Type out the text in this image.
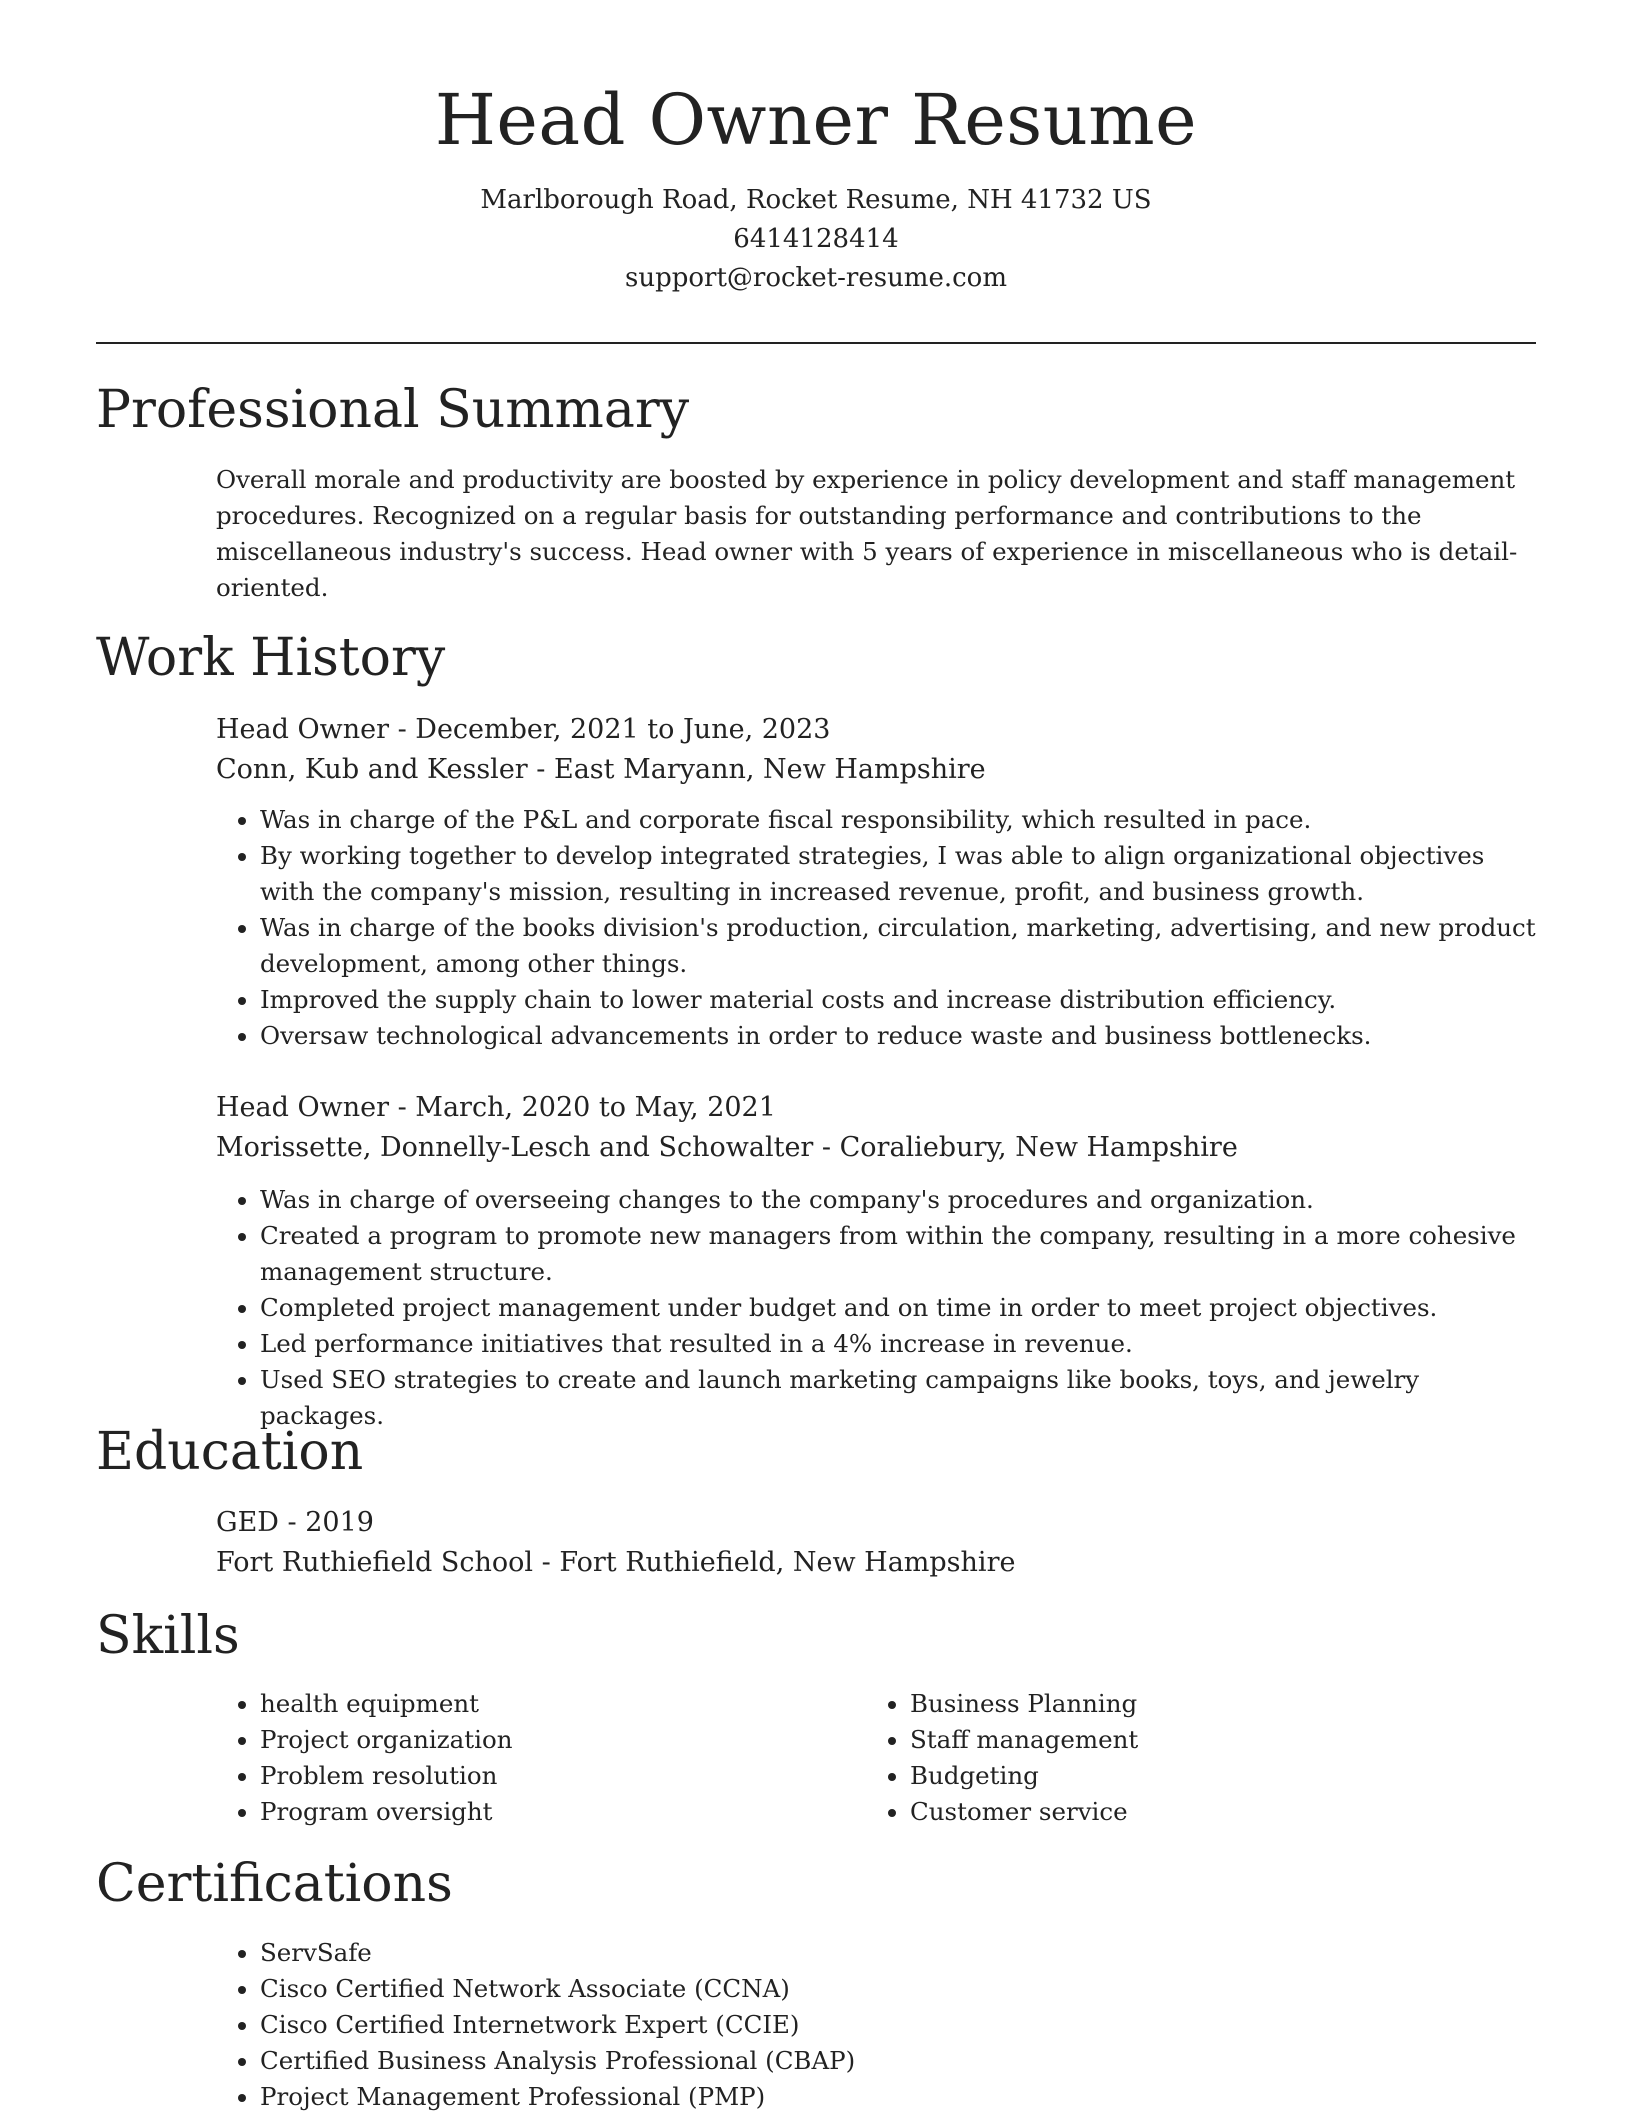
Head Owner Resume
Marlborough Road, Rocket Resume, NH 41732 US
6414128414
support@rocket-resume.com
Professional Summary
Overall morale and productivity are boosted by experience in policy development and staff management procedures. Recognized on a regular basis for outstanding performance and contributions to the miscellaneous industry's success. Head owner with 5 years of experience in miscellaneous who is detail-oriented.
Work History
Head Owner - December, 2021 to June, 2023
Conn, Kub and Kessler - East Maryann, New Hampshire
• Was in charge of the P&L and corporate fiscal responsibility, which resulted in pace.
• By working together to develop integrated strategies, I was able to align organizational objectives with the company's mission, resulting in increased revenue, profit, and business growth.
• Was in charge of the books division's production, circulation, marketing, advertising, and new product development, among other things.
• Improved the supply chain to lower material costs and increase distribution efficiency.
• Oversaw technological advancements in order to reduce waste and business bottlenecks.
Head Owner - March, 2020 to May, 2021
Morissette, Donnelly-Lesch and Schowalter - Coraliebury, New Hampshire
• Was in charge of overseeing changes to the company's procedures and organization.
• Created a program to promote new managers from within the company, resulting in a more cohesive management structure.
• Completed project management under budget and on time in order to meet project objectives.
• Led performance initiatives that resulted in a 4% increase in revenue.
• Used SEO strategies to create and launch marketing campaigns like books, toys, and jewelry packages.
Education
GED - 2019
Fort Ruthiefield School - Fort Ruthiefield, New Hampshire
Skills
• health equipment
• Project organization
• Problem resolution
• Program oversight
• Business Planning
• Staff management
• Budgeting
• Customer service
Certifications
• ServSafe
• Cisco Certified Network Associate (CCNA)
• Cisco Certified Internetwork Expert (CCIE)
• Certified Business Analysis Professional (CBAP)
• Project Management Professional (PMP)
